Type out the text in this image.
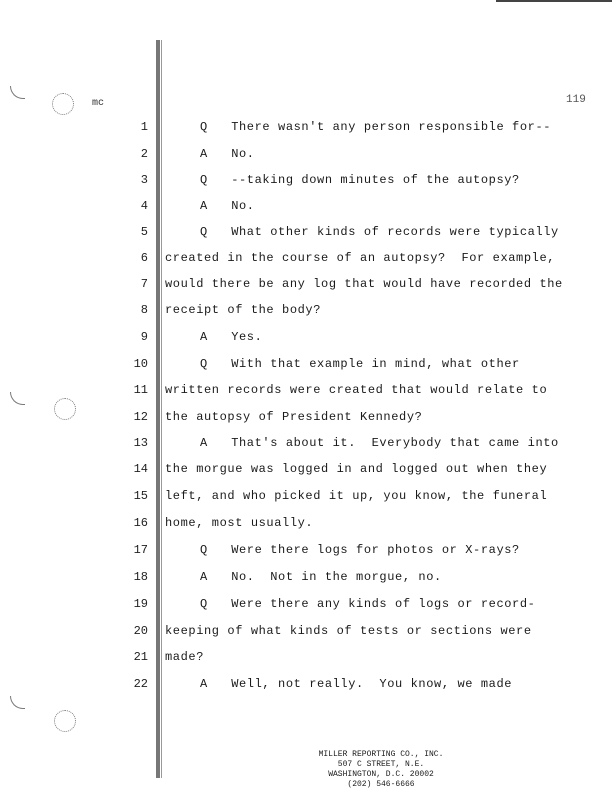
mc	119
1	Q   There wasn't any person responsible for--
2	A   No.
3	Q   --taking down minutes of the autopsy?
4	A   No.
5	Q   What other kinds of records were typically
6 created in the course of an autopsy?  For example,
7 would there be any log that would have recorded the
8 receipt of the body?
9	A   Yes.
10	Q   With that example in mind, what other
11 written records were created that would relate to
12 the autopsy of President Kennedy?
13	A   That's about it.  Everybody that came into
14 the morgue was logged in and logged out when they
15 left, and who picked it up, you know, the funeral
16 home, most usually.
17	Q   Were there logs for photos or X-rays?
18	A   No.  Not in the morgue, no.
19	Q   Were there any kinds of logs or record-
20 keeping of what kinds of tests or sections were
21 made?
22	A   Well, not really.  You know, we made
MILLER REPORTING CO., INC.
507 C STREET, N.E.
WASHINGTON, D.C. 20002
(202) 546-6666
